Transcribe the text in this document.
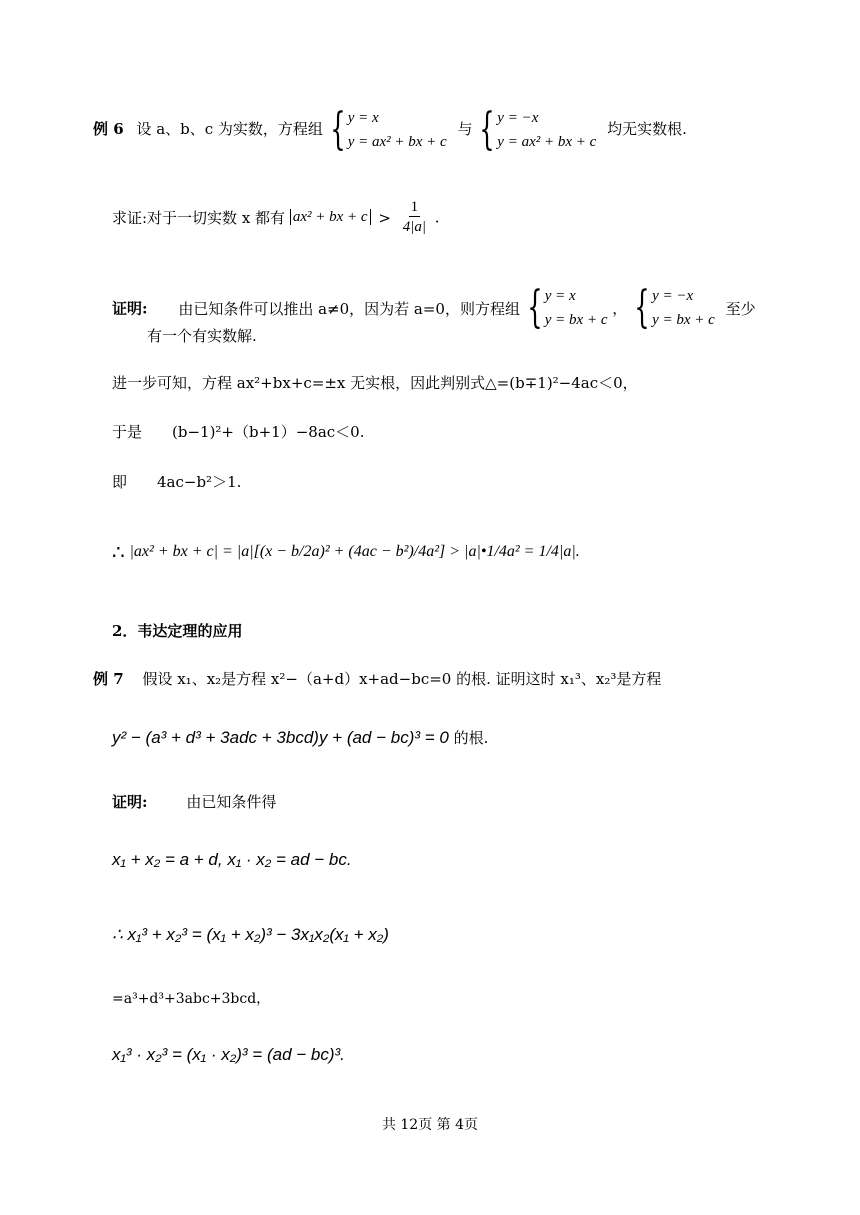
例 6 设 a、b、c 为实数，方程组 { y = x
y = ax² + bx + c
与 { y = −x
y = ax² + bx + c
均无实数根.
求证:对于一切实数 x 都有 ax² + bx + $c > \frac{1}{4|a|}$ .
证明: 由已知条件可以推出 a≠0，因为若 a=0，则方程组 { y = x
y = bx + c
， { y = −x
y = bx + c
至少
有一个有实数解.
进一步可知，方程 ax²+bx+c=±x 无实根，因此判别式△=(b∓1)²−4ac＜0，
于是　　(b−1)²+（b+1）−8ac＜0.
即　　4ac−b²＞1.
∴ |ax² + bx + c| = |a|[(x − b/2a)² + (4ac − b²)/4a²] > |a|•1/4a² = 1/4|a|.
2．韦达定理的应用
例 7 假设 x₁、x₂是方程 x²−（a+d）x+ad−bc=0 的根. 证明这时 x₁³、x₂³是方程
y² − (a³ + d³ + 3adc + 3bcd)y + (ad − bc)³ = 0 的根.
证明:	由已知条件得
x₁ + x₂ = a + d, x₁ · x₂ = ad − bc.
∴ x₁³ + x₂³ = (x₁ + x₂)³ − 3x₁x₂(x₁ + x₂)
=a³+d³+3abc+3bcd，
x₁³ · x₂³ = (x₁ · x₂)³ = (ad − bc)³.
共 12页 第 4页
